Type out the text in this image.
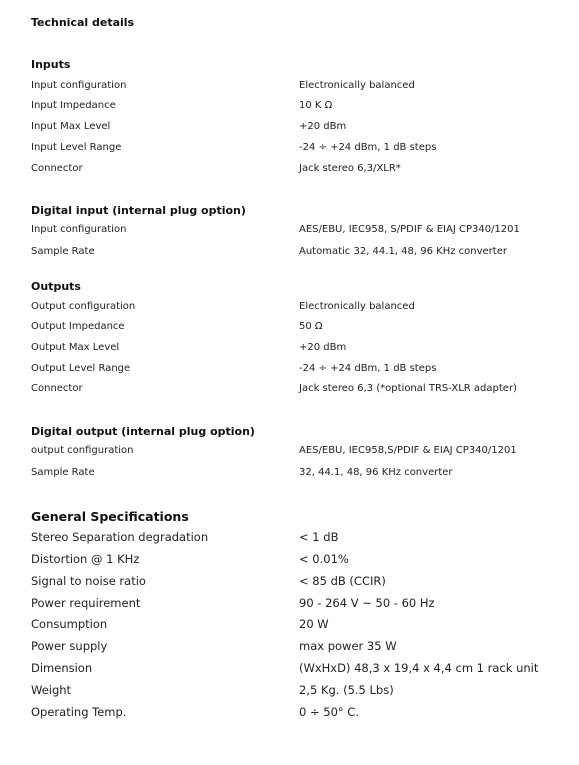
Technical details
Inputs
Input configuration	Electronically balanced
Input Impedance	10 K Ω
Input Max Level	+20 dBm
Input Level Range	-24 ÷ +24 dBm, 1 dB steps
Connector	Jack stereo 6,3/XLR*
Digital input (internal plug option)
Input configuration	AES/EBU, IEC958, S/PDIF & EIAJ CP340/1201
Sample Rate	Automatic 32, 44.1, 48, 96 KHz converter
Outputs
Output configuration	Electronically balanced
Output Impedance	50 Ω
Output Max Level	+20 dBm
Output Level Range	-24 ÷ +24 dBm, 1 dB steps
Connector	Jack stereo 6,3 (*optional TRS-XLR adapter)
Digital output (internal plug option)
output configuration	AES/EBU, IEC958,S/PDIF & EIAJ CP340/1201
Sample Rate	32, 44.1, 48, 96 KHz converter
General Specifications
Stereo Separation degradation	< 1 dB
Distortion @ 1 KHz	< 0.01%
Signal to noise ratio	< 85 dB (CCIR)
Power requirement	90 - 264 V ~ 50 - 60 Hz
Consumption	20 W
Power supply	max power 35 W
Dimension	(WxHxD) 48,3 x 19,4 x 4,4 cm 1 rack unit
Weight	2,5 Kg. (5.5 Lbs)
Operating Temp.	0 ÷ 50° C.
